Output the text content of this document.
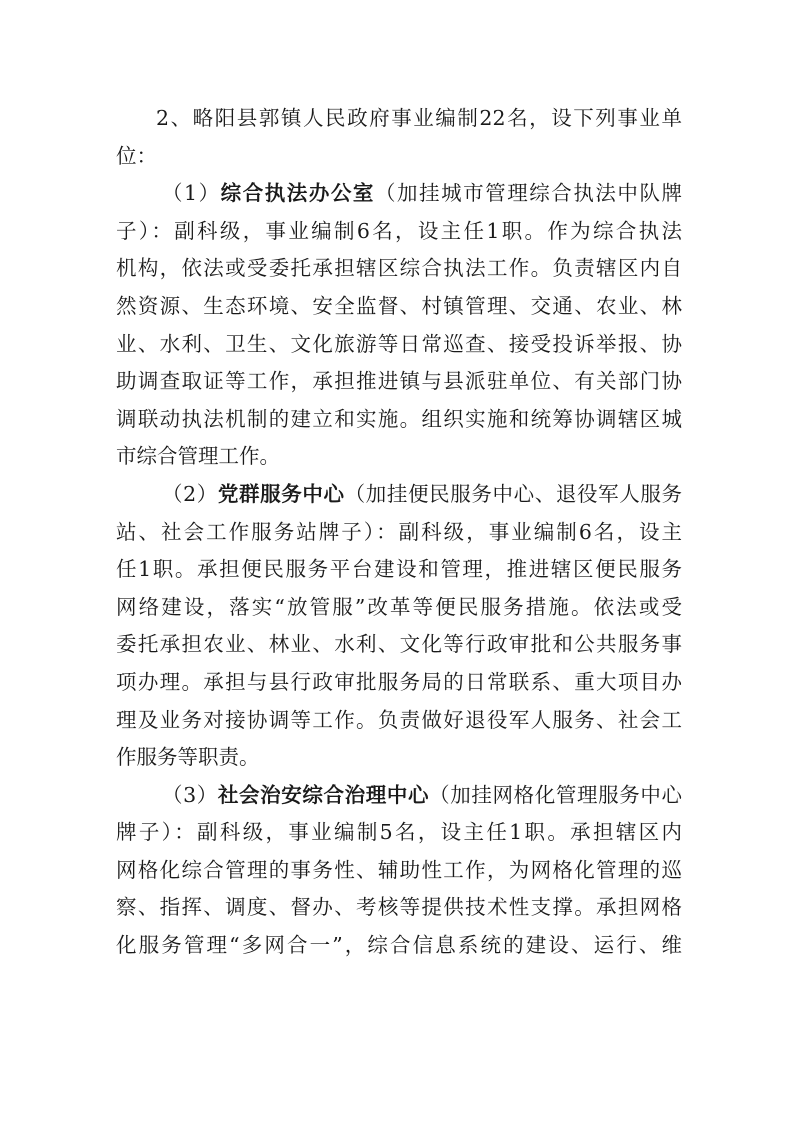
2、略阳县郭镇人民政府事业编制22名，设下列事业单
位：
（1）综合执法办公室（加挂城市管理综合执法中队牌
子）：副科级，事业编制6名，设主任1职。作为综合执法
机构，依法或受委托承担辖区综合执法工作。负责辖区内自
然资源、生态环境、安全监督、村镇管理、交通、农业、林
业、水利、卫生、文化旅游等日常巡查、接受投诉举报、协
助调查取证等工作，承担推进镇与县派驻单位、有关部门协
调联动执法机制的建立和实施。组织实施和统筹协调辖区城
市综合管理工作。
（2）党群服务中心（加挂便民服务中心、退役军人服务
站、社会工作服务站牌子）：副科级，事业编制6名，设主
任1职。承担便民服务平台建设和管理，推进辖区便民服务
网络建设，落实“放管服”改革等便民服务措施。依法或受
委托承担农业、林业、水利、文化等行政审批和公共服务事
项办理。承担与县行政审批服务局的日常联系、重大项目办
理及业务对接协调等工作。负责做好退役军人服务、社会工
作服务等职责。
（3）社会治安综合治理中心（加挂网格化管理服务中心
牌子）：副科级，事业编制5名，设主任1职。承担辖区内
网格化综合管理的事务性、辅助性工作，为网格化管理的巡
察、指挥、调度、督办、考核等提供技术性支撑。承担网格
化服务管理“多网合一”，综合信息系统的建设、运行、维
